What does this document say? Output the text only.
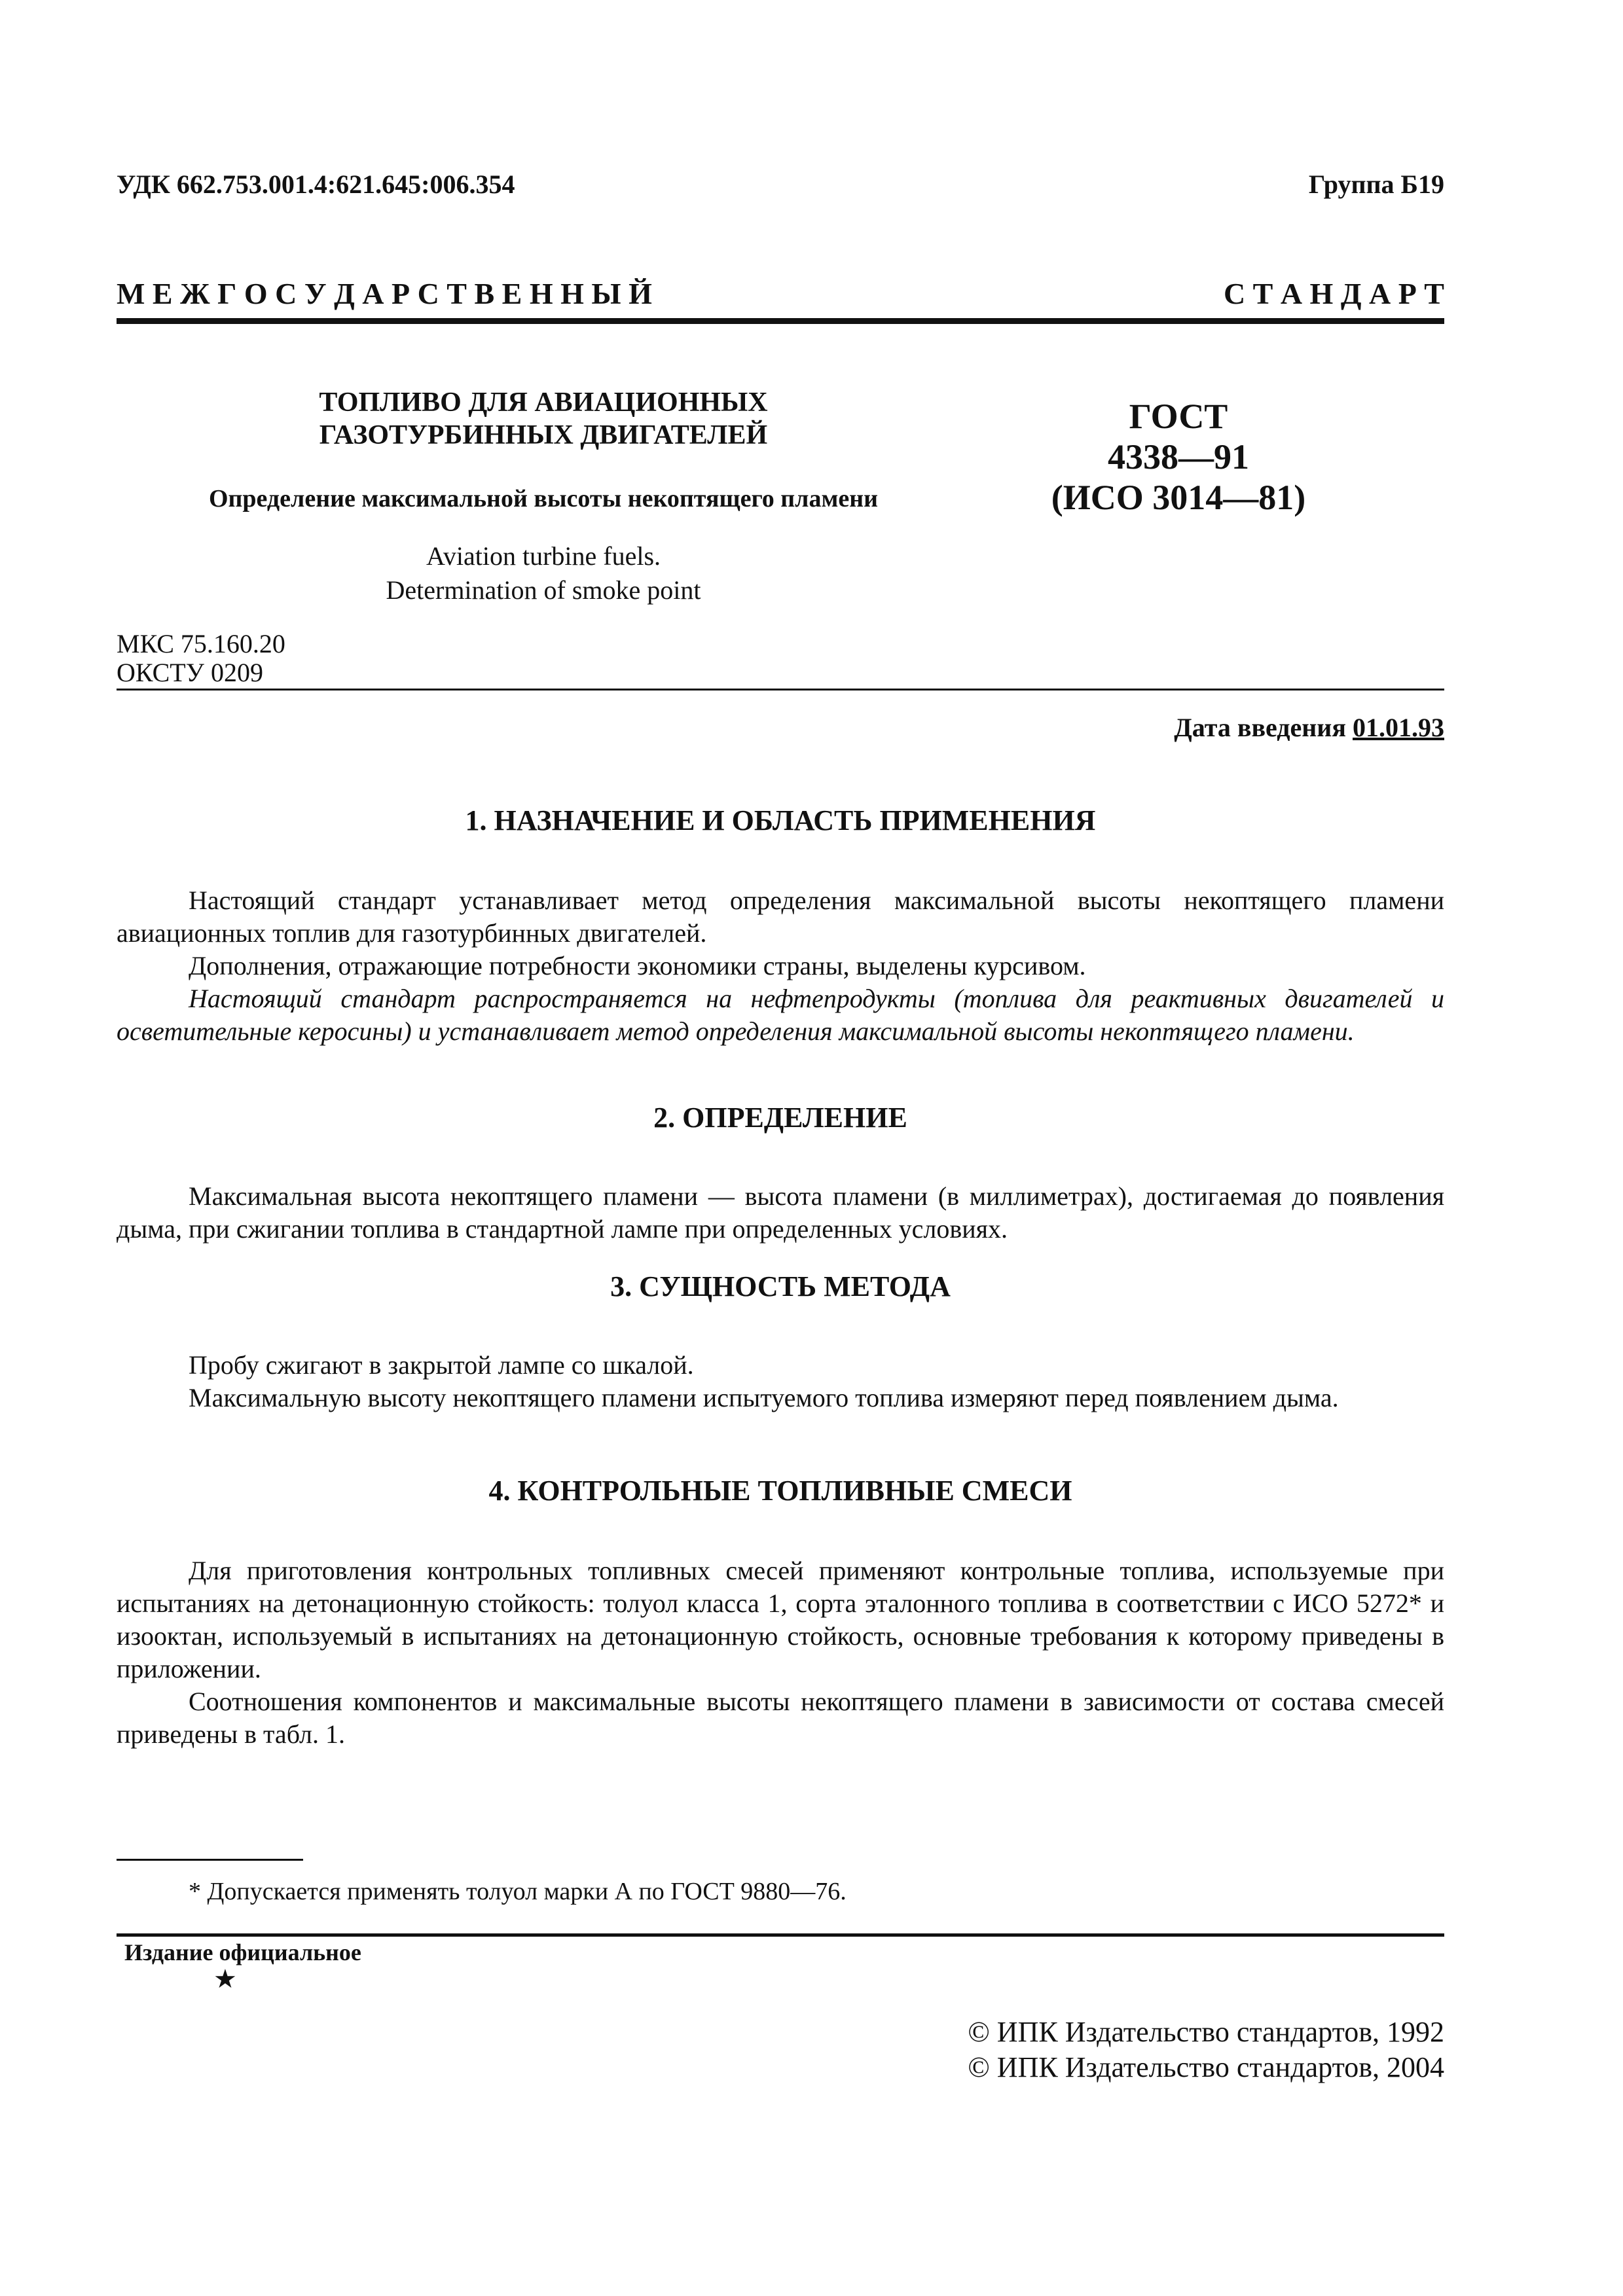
УДК 662.753.001.4:621.645:006.354	Группа Б19
М Е Ж Г О С У Д А Р С Т В Е Н Н Ы Й	С Т А Н Д А Р Т
ТОПЛИВО ДЛЯ АВИАЦИОННЫХ
ГАЗОТУРБИННЫХ ДВИГАТЕЛЕЙ
Определение максимальной высоты некоптящего пламени
Aviation turbine fuels.
Determination of smoke point
ГОСТ
4338—91
(ИСО 3014—81)
МКС 75.160.20
ОКСТУ 0209
Дата введения 01.01.93
1. НАЗНАЧЕНИЕ И ОБЛАСТЬ ПРИМЕНЕНИЯ

Настоящий стандарт устанавливает метод определения максимальной высоты некоптящего пламени авиационных топлив для газотурбинных двигателей.

Дополнения, отражающие потребности экономики страны, выделены курсивом.

Настоящий стандарт распространяется на нефтепродукты (топлива для реактивных двигателей и осветительные керосины) и устанавливает метод определения максимальной высоты некоптящего пламени.

2. ОПРЕДЕЛЕНИЕ

Максимальная высота некоптящего пламени — высота пламени (в миллиметрах), достигаемая до появления дыма, при сжигании топлива в стандартной лампе при определенных условиях.

3. СУЩНОСТЬ МЕТОДА

Пробу сжигают в закрытой лампе со шкалой.

Максимальную высоту некоптящего пламени испытуемого топлива измеряют перед появлением дыма.

4. КОНТРОЛЬНЫЕ ТОПЛИВНЫЕ СМЕСИ

Для приготовления контрольных топливных смесей применяют контрольные топлива, используемые при испытаниях на детонационную стойкость: толуол класса 1, сорта эталонного топлива в соответствии с ИСО 5272* и изооктан, используемый в испытаниях на детонационную стойкость, основные требования к которому приведены в приложении.

Соотношения компонентов и максимальные высоты некоптящего пламени в зависимости от состава смесей приведены в табл. 1.

* Допускается применять толуол марки А по ГОСТ 9880—76.
Издание официальное
★
© ИПК Издательство стандартов, 1992
© ИПК Издательство стандартов, 2004
